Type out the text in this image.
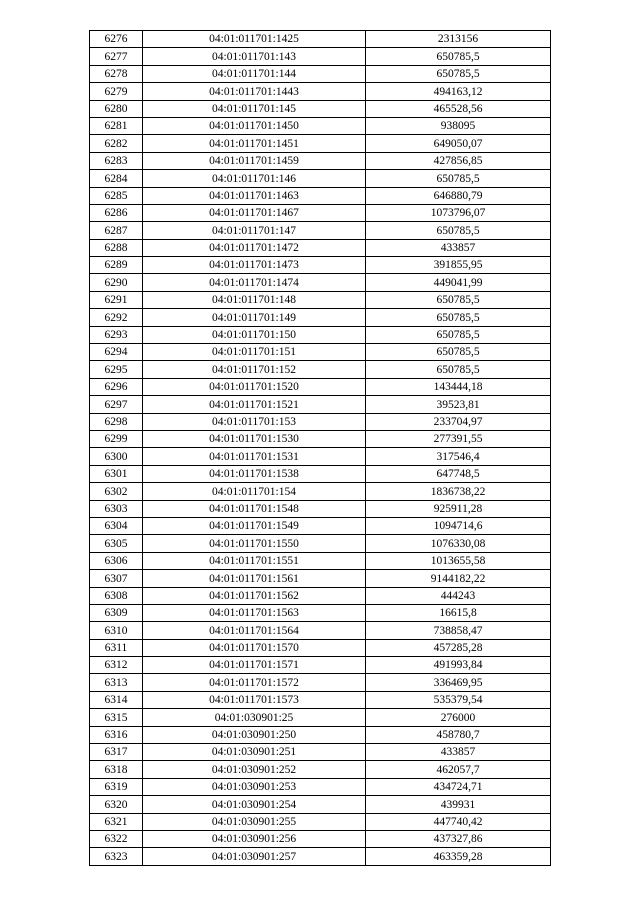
6276	04:01:011701:1425	2313156
6277	04:01:011701:143	650785,5
6278	04:01:011701:144	650785,5
6279	04:01:011701:1443	494163,12
6280	04:01:011701:145	465528,56
6281	04:01:011701:1450	938095
6282	04:01:011701:1451	649050,07
6283	04:01:011701:1459	427856,85
6284	04:01:011701:146	650785,5
6285	04:01:011701:1463	646880,79
6286	04:01:011701:1467	1073796,07
6287	04:01:011701:147	650785,5
6288	04:01:011701:1472	433857
6289	04:01:011701:1473	391855,95
6290	04:01:011701:1474	449041,99
6291	04:01:011701:148	650785,5
6292	04:01:011701:149	650785,5
6293	04:01:011701:150	650785,5
6294	04:01:011701:151	650785,5
6295	04:01:011701:152	650785,5
6296	04:01:011701:1520	143444,18
6297	04:01:011701:1521	39523,81
6298	04:01:011701:153	233704,97
6299	04:01:011701:1530	277391,55
6300	04:01:011701:1531	317546,4
6301	04:01:011701:1538	647748,5
6302	04:01:011701:154	1836738,22
6303	04:01:011701:1548	925911,28
6304	04:01:011701:1549	1094714,6
6305	04:01:011701:1550	1076330,08
6306	04:01:011701:1551	1013655,58
6307	04:01:011701:1561	9144182,22
6308	04:01:011701:1562	444243
6309	04:01:011701:1563	16615,8
6310	04:01:011701:1564	738858,47
6311	04:01:011701:1570	457285,28
6312	04:01:011701:1571	491993,84
6313	04:01:011701:1572	336469,95
6314	04:01:011701:1573	535379,54
6315	04:01:030901:25	276000
6316	04:01:030901:250	458780,7
6317	04:01:030901:251	433857
6318	04:01:030901:252	462057,7
6319	04:01:030901:253	434724,71
6320	04:01:030901:254	439931
6321	04:01:030901:255	447740,42
6322	04:01:030901:256	437327,86
6323	04:01:030901:257	463359,28
